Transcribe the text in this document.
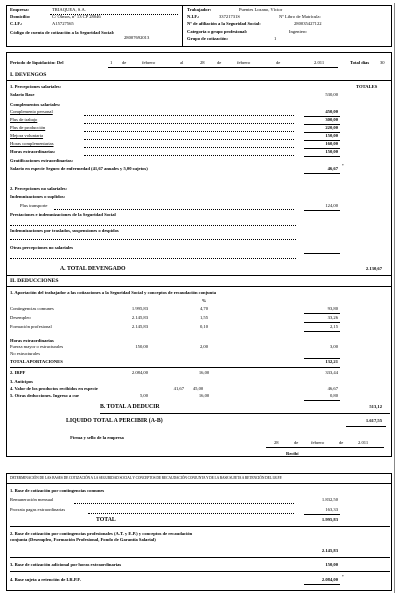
Empresa:	TRIAQUEA, S.A.
Domicilio:	C/ Olmos, nº 13 CP 28046
C.I.F.:	A15727565
Código de cuenta de cotización a la Seguridad Social:
28007692013
Trabajador:	Puentes Lozano, Víctor
N.I.F.:	33721731S	Nº Libro de Matrícula:
Nº de afiliación a la Seguridad Social:	280035427122
Categoría o grupo profesional:	Ingeniero
Grupo de cotización:	1
Periodo de liquidación: Del	1 de	febrero	al	28	de	febrero	de	2.011	Total días 30
I. DEVENGOS
1. Percepciones salariales:	TOTALES
Salario Base	530,00
Complementos salariales:
Complemento personal	450,00
Plus de trabajo	300,00
Plus de producción	220,00
Mejora voluntaria	150,00
Horas complementarias	160,00
Horas extraordinarias:	150,00
Gratificaciones extraordinarias:
Salario en especie Seguro de enfermedad (41,67 anuales y 5,00 sujetos)	46,67 *
2. Percepciones no salariales:
Indemnizaciones o suplidos:
Plus transporte	124,00
Prestaciones e indemnizaciones de la Seguridad Social
Indemnizaciones por traslados, suspensiones o despidos
Otras percepciones no salariales
A. TOTAL DEVENGADO	2.130,67
II. DEDUCCIONES
1. Aportación del trabajador a las cotizaciones a la Seguridad Social y conceptos de recaudación conjunta
%
Contingencias comunes	1.995,83	4,70	93,80
Desempleo	2.145,83	1,55	33,26
Formación profesional	2.145,83	0,10	2,15
Horas extraordinarias
Fuerza mayor o estructurales	150,00	2,00	3,00
No estructurales
TOTAL APORTACIONES	132,21
2. IRPF	2.084,00	16,00	333,44
3. Anticipos
4. Valor de los productos recibidos en especie	41,67	45,00	46,67
5. Otras deducciones. Ingreso a cue	5,00	16,00	0,80
B. TOTAL A DEDUCIR	513,12
LIQUIDO TOTAL A PERCIBIR (A-B)	1.617,55
Firma y sello de la empresa
28	de	febrero	de	2.011
Recibí
DETERMINACIÓN DE LAS BASES DE COTIZACIÓN A LA SEGURIDAD SOCIAL Y CONCEPTOS DE RECAUDACIÓN CONJUNTA Y DE LA BASE SUJETA A RETENCIÓN DEL I.R.P.F.
1. Base de cotización por contingencias comunes
Remuneración mensual	1.832,50
Prorrata pagas extraordinarias	163,33
TOTAL	1.995,83
2. Base de cotización por contingencias profesionales (A.T. y E.P.) y conceptos de recaudación conjunta (Desempleo, Formación Profesional, Fondo de Garantía Salarial)
2.145,83
3. Base de cotización adicional por horas extraordinarias	150,00
4. Base sujeta a retención de I.R.P.F.	2.084,00 *
